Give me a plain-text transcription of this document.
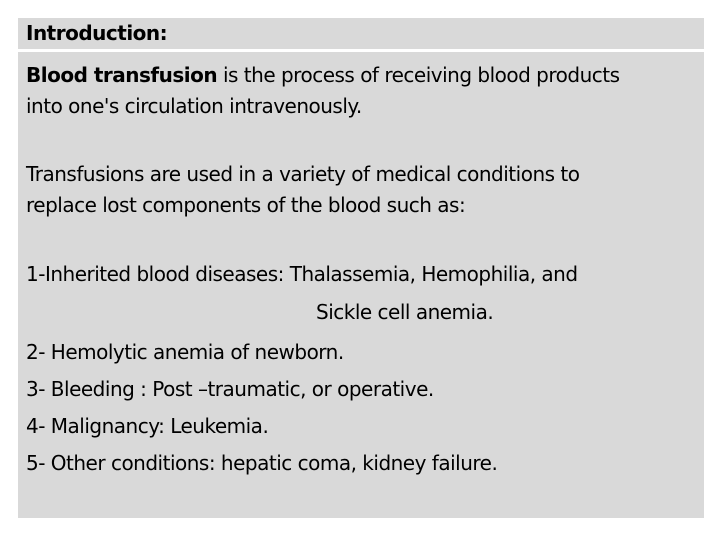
Introduction:

Blood transfusion is the process of receiving blood products
into one's circulation intravenously.

Transfusions are used in a variety of medical conditions to
replace lost components of the blood such as:

1-Inherited blood diseases: Thalassemia, Hemophilia, and

Sickle cell anemia.

2- Hemolytic anemia of newborn.

3- Bleeding : Post –traumatic, or operative.

4- Malignancy: Leukemia.

5- Other conditions: hepatic coma, kidney failure.
